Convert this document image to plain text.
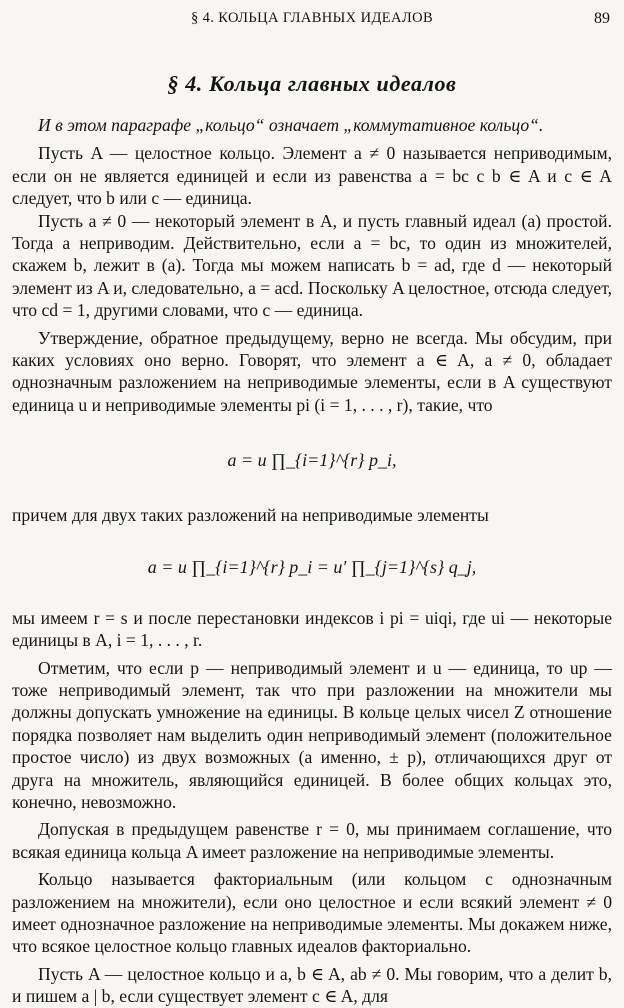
§ 4. КОЛЬЦА ГЛАВНЫХ ИДЕАЛОВ	89
§ 4. Кольца главных идеалов

И в этом параграфе „кольцо“ означает „коммутативное кольцо“.

Пусть A — целостное кольцо. Элемент a ≠ 0 называется неприводимым, если он не является единицей и если из равенства a = bc с b ∈ A и c ∈ A следует, что b или c — единица.

Пусть a ≠ 0 — некоторый элемент в A, и пусть главный идеал (a) простой. Тогда a неприводим. Действительно, если a = bc, то один из множителей, скажем b, лежит в (a). Тогда мы можем написать b = ad, где d — некоторый элемент из A и, следовательно, a = acd. Поскольку A целостное, отсюда следует, что cd = 1, другими словами, что c — единица.

Утверждение, обратное предыдущему, верно не всегда. Мы обсудим, при каких условиях оно верно. Говорят, что элемент a ∈ A, a ≠ 0, обладает однозначным разложением на неприводимые элементы, если в A существуют единица u и неприводимые элементы pi (i = 1, . . . , r), такие, что

a = u ∏_{i=1}^{r} p_i,

причем для двух таких разложений на неприводимые элементы

a = u ∏_{i=1}^{r} p_i = u′ ∏_{j=1}^{s} q_j,

мы имеем r = s и после перестановки индексов i pi = uiqi, где ui — некоторые единицы в A, i = 1, . . . , r.

Отметим, что если p — неприводимый элемент и u — единица, то up — тоже неприводимый элемент, так что при разложении на множители мы должны допускать умножение на единицы. В кольце целых чисел Z отношение порядка позволяет нам выделить один неприводимый элемент (положительное простое число) из двух возможных (а именно, ± p), отличающихся друг от друга на множитель, являющийся единицей. В более общих кольцах это, конечно, невозможно.

Допуская в предыдущем равенстве r = 0, мы принимаем соглашение, что всякая единица кольца A имеет разложение на неприводимые элементы.

Кольцо называется факториальным (или кольцом с однозначным разложением на множители), если оно целостное и если всякий элемент ≠ 0 имеет однозначное разложение на неприводимые элементы. Мы докажем ниже, что всякое целостное кольцо главных идеалов факториально.

Пусть A — целостное кольцо и a, b ∈ A, ab ≠ 0. Мы говорим, что a делит b, и пишем a | b, если существует элемент c ∈ A, для
